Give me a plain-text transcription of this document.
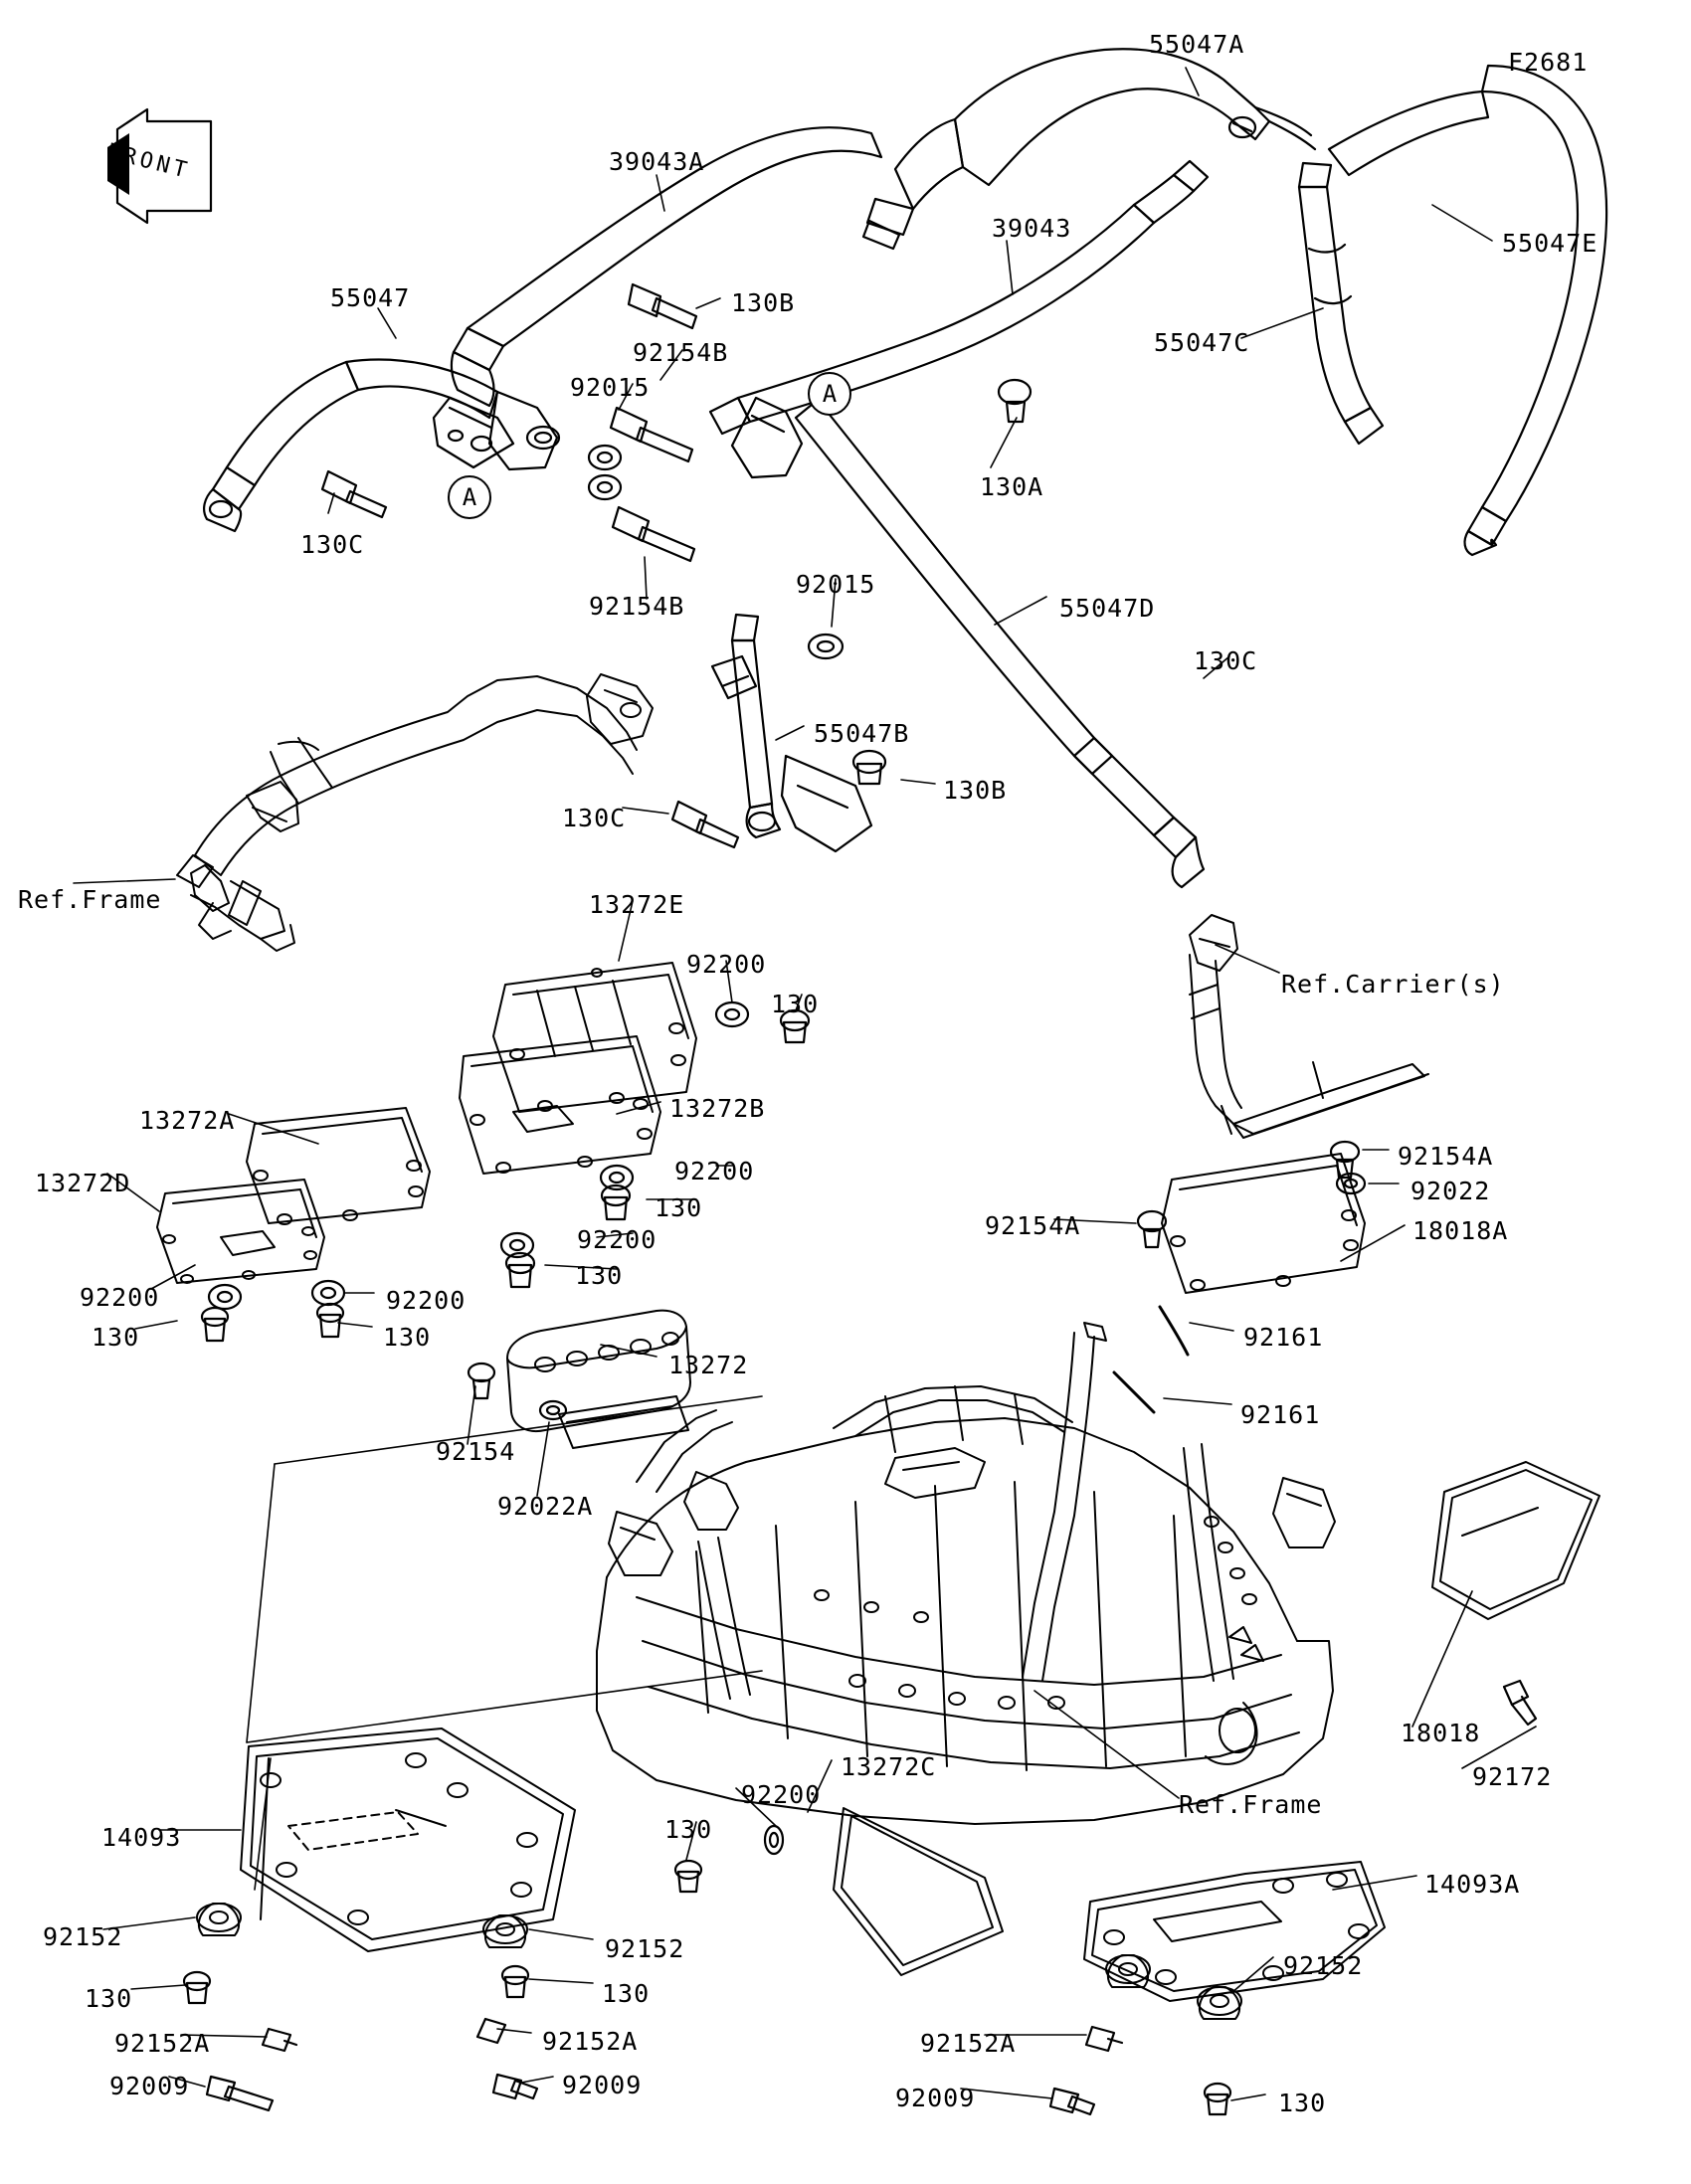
FRONT
F2681
A
A
Ref.Frame
Ref.Carrier(s)
Ref.Frame
55047A
39043A
39043
55047E
55047
55047C
92154B
92015
130B
130A
130C
92154B
92015
55047D
130C
55047B
130B
130C
13272E
92200
130
13272B
13272A
13272D	92200
130
92200
130
92200	92200
130	130
92154A
92022
92154A	18018A
13272
92161
92161
92154
92022A
18018
92172
14093
92200
130
13272C
14093A
92152	92152
130	130
92152A	92152A
92009	92009
92152A
92152
92009	130
